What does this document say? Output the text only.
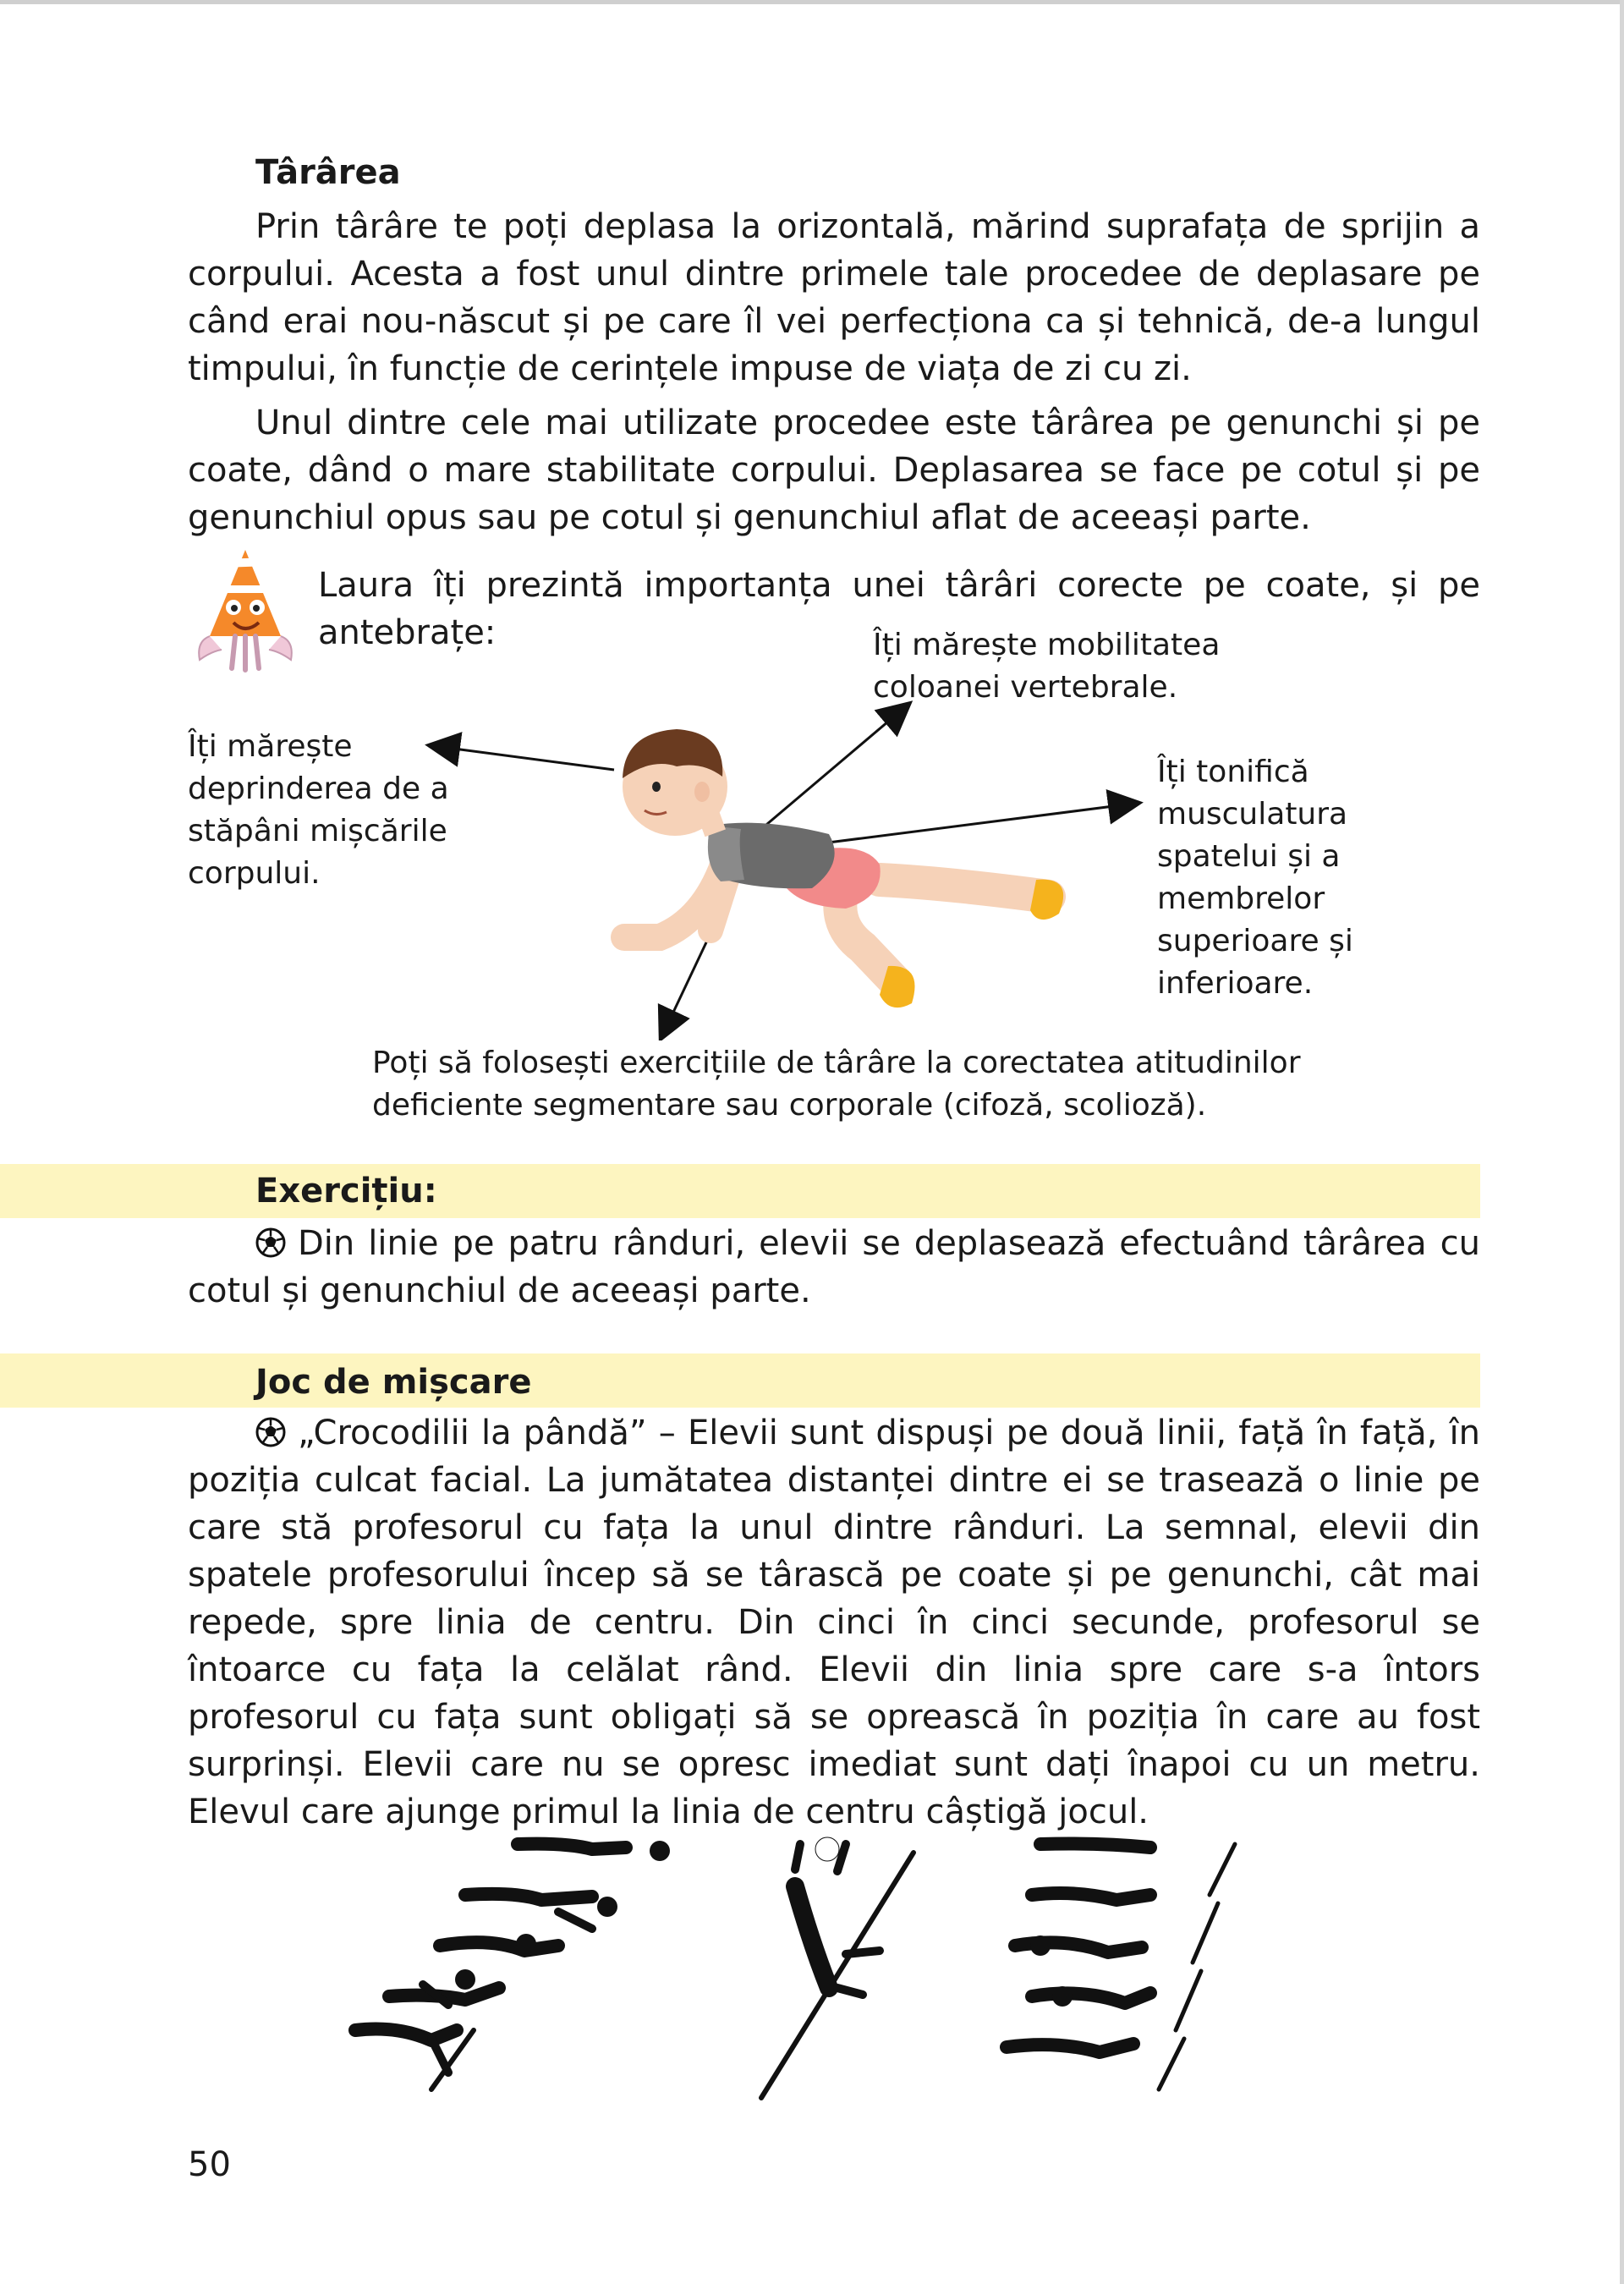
Târârea

Prin târâre te poți deplasa la orizontală, mărind suprafața de sprijin a corpului. Acesta a fost unul dintre primele tale procedee de deplasare pe când erai nou-născut și pe care îl vei perfecționa ca și tehnică, de-a lungul timpului, în funcție de cerințele impuse de viața de zi cu zi.

Unul dintre cele mai utilizate procedee este târârea pe genunchi și pe coate, dând o mare stabilitate corpului. Deplasarea se face pe cotul și pe genunchiul opus sau pe cotul și genunchiul aflat de aceeași parte.

Laura îți prezintă importanța unei târâri corecte pe coate, și pe antebrațe:	Îți mărește mobilitatea coloanei vertebrale.

Îți mărește deprinderea de a stăpâni mișcările corpului.

Îți tonifică musculatura spatelui și a membrelor superioare și inferioare.

Poți să folosești exercițiile de târâre la corectatea atitudinilor deficiente segmentare sau corporale (cifoză, scolioză).

Exercițiu:

Din linie pe patru rânduri, elevii se deplasează efectuând târârea cu cotul și genunchiul de aceeași parte.

Joc de mișcare

„Crocodilii la pândă” – Elevii sunt dispuși pe două linii, față în față, în poziția culcat facial. La jumătatea distanței dintre ei se trasează o linie pe care stă profesorul cu fața la unul dintre rânduri. La semnal, elevii din spatele profesorului încep să se târască pe coate și pe genunchi, cât mai repede, spre linia de centru. Din cinci în cinci secunde, profesorul se întoarce cu fața la celălat rând. Elevii din linia spre care s-a întors profesorul cu fața sunt obligați să se oprească în poziția în care au fost surprinși. Elevii care nu se opresc imediat sunt dați înapoi cu un metru. Elevul care ajunge primul la linia de centru câștigă jocul.

50
